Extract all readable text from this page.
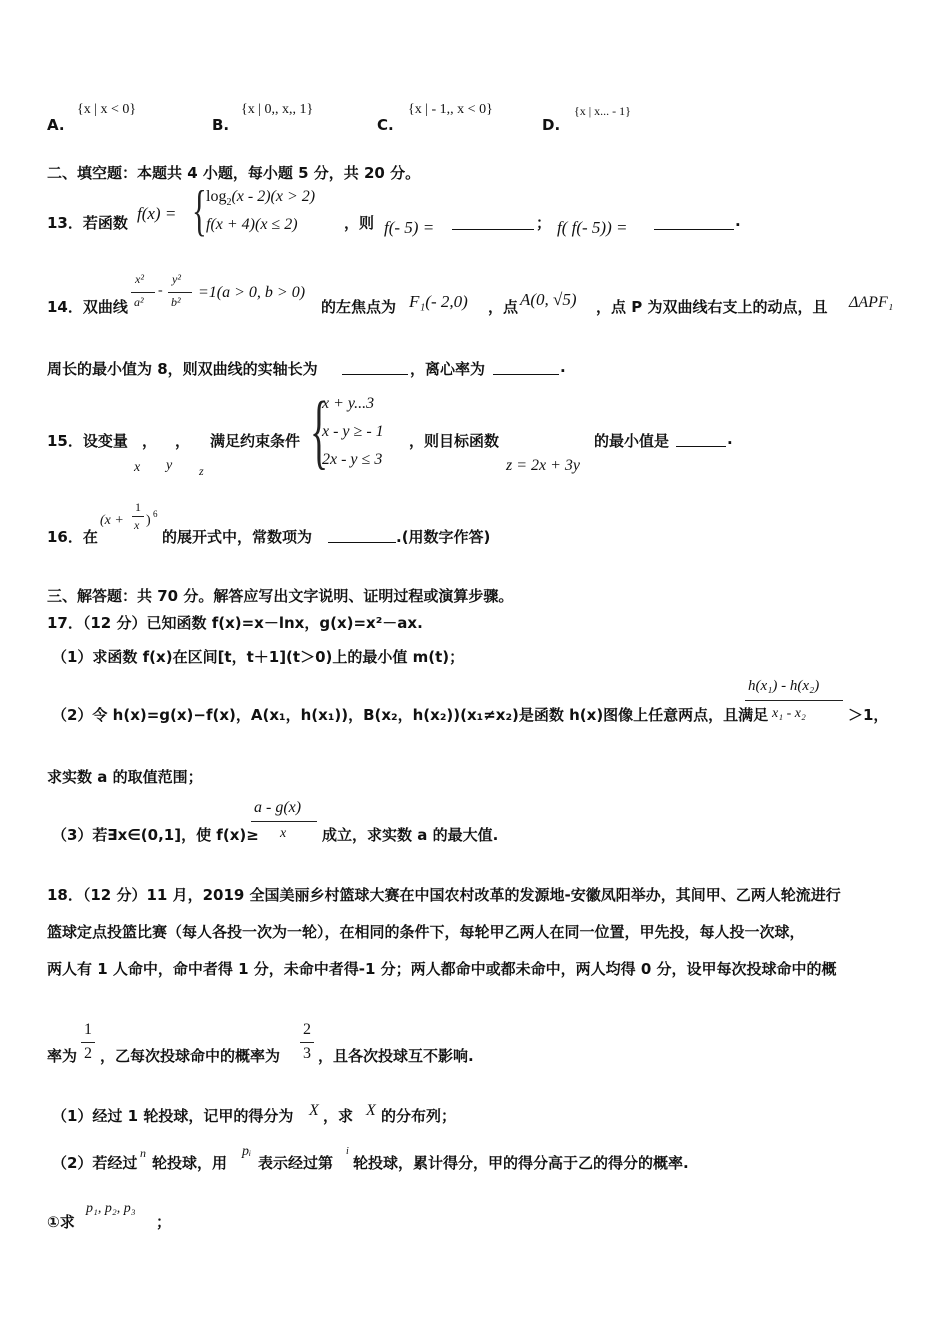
A.
{x | x < 0}
B.
{x | 0,, x,, 1}
C.
{x | - 1,, x < 0}
D.
{x | x... - 1}
二、填空题：本题共 4 小题，每小题 5 分，共 20 分。
13．若函数 f(x) = { $\log_2(x - 2)(x > 2)$
f(x + 4)(x ≤ 2)	，则 f(- 5) =	； f( f(- 5)) =	.
14．双曲线
x²
a²
-
y²
b²
=1(a > 0, b > 0)
的左焦点为 F₁(- 2,0) ，点 A(0, √5) ，点 P 为双曲线右支上的动点，且 ΔAPF₁
周长的最小值为 8，则双曲线的实轴长为	，离心率为	.
15．设变量 ， ，
x y z
满足约束条件 {
x + y...3
x - y ≥ - 1
2x - y ≤ 3
，则目标函数
z = 2x + 3y
的最小值是	.
16．在
(x +
1
x ) 6
的展开式中，常数项为	.(用数字作答)
三、解答题：共 70 分。解答应写出文字说明、证明过程或演算步骤。
17．（12 分）已知函数 f(x)=x－lnx，g(x)=x²－ax.
（1）求函数 f(x)在区间[t，t＋1](t＞0)上的最小值 m(t)；
（2）令 h(x)=g(x)−f(x)，A(x₁，h(x₁))，B(x₂，h(x₂))(x₁≠x₂)是函数 h(x)图像上任意两点，且满足
h(x₁) - h(x₂)
x₁ - x₂	＞1，
求实数 a 的取值范围；
（3）若∃x∈(0,1]，使 f(x)≥
a - g(x)
x 成立，求实数 a 的最大值.
18．（12 分）11 月，2019 全国美丽乡村篮球大赛在中国农村改革的发源地-安徽凤阳举办，其间甲、乙两人轮流进行
篮球定点投篮比赛（每人各投一次为一轮），在相同的条件下，每轮甲乙两人在同一位置，甲先投，每人投一次球，
两人有 1 人命中，命中者得 1 分，未命中者得-1 分；两人都命中或都未命中，两人均得 0 分，设甲每次投球命中的概
率为
1
2 ，乙每次投球命中的概率为
2
3 ，且各次投球互不影响.
（1）经过 1 轮投球，记甲的得分为 X ，求 X 的分布列；
（2）若经过
n
轮投球，用
pᵢ
表示经过第
i
轮投球，累计得分，甲的得分高于乙的得分的概率.
①求
p₁, p₂, p₃
；
